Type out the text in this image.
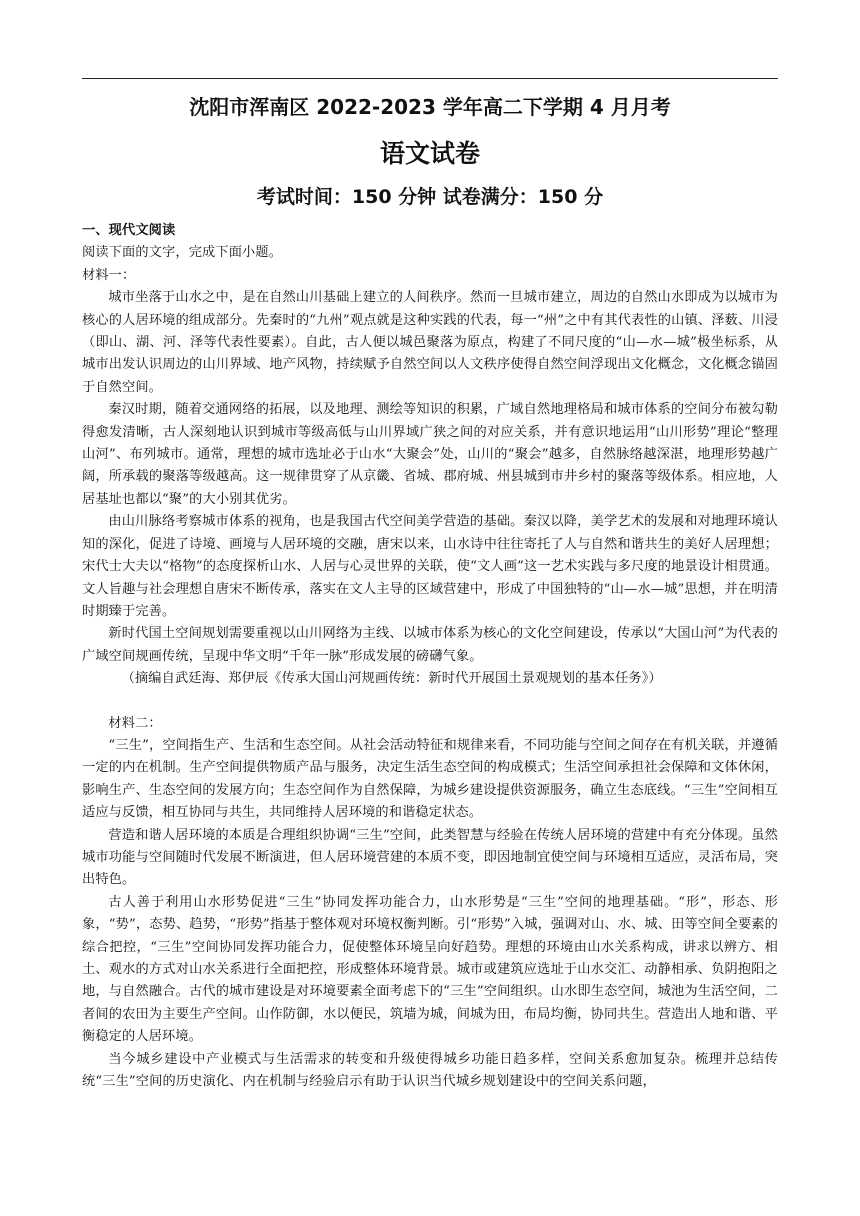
沈阳市浑南区 2022-2023 学年高二下学期 4 月月考
语文试卷
考试时间：150 分钟 试卷满分：150 分

一、现代文阅读

阅读下面的文字，完成下面小题。

材料一：

城市坐落于山水之中，是在自然山川基础上建立的人间秩序。然而一旦城市建立，周边的自然山水即成为以城市为核心的人居环境的组成部分。先秦时的“九州”观点就是这种实践的代表，每一“州”之中有其代表性的山镇、泽薮、川浸（即山、湖、河、泽等代表性要素）。自此，古人便以城邑聚落为原点，构建了不同尺度的“山—水—城”极坐标系，从城市出发认识周边的山川界域、地产风物，持续赋予自然空间以人文秩序使得自然空间浮现出文化概念，文化概念锚固于自然空间。

秦汉时期，随着交通网络的拓展，以及地理、测绘等知识的积累，广域自然地理格局和城市体系的空间分布被勾勒得愈发清晰，古人深刻地认识到城市等级高低与山川界域广狭之间的对应关系，并有意识地运用“山川形势”理论“整理山河”、布列城市。通常，理想的城市选址必于山水“大聚会”处，山川的“聚会”越多，自然脉络越深湛，地理形势越广阔，所承载的聚落等级越高。这一规律贯穿了从京畿、省城、郡府城、州县城到市井乡村的聚落等级体系。相应地，人居基址也都以“聚”的大小别其优劣。

由山川脉络考察城市体系的视角，也是我国古代空间美学营造的基础。秦汉以降，美学艺术的发展和对地理环境认知的深化，促进了诗境、画境与人居环境的交融，唐宋以来，山水诗中往往寄托了人与自然和谐共生的美好人居理想；宋代士大夫以“格物”的态度探析山水、人居与心灵世界的关联，使“文人画”这一艺术实践与多尺度的地景设计相贯通。文人旨趣与社会理想自唐宋不断传承，落实在文人主导的区域营建中，形成了中国独特的“山—水—城”思想，并在明清时期臻于完善。

新时代国土空间规划需要重视以山川网络为主线、以城市体系为核心的文化空间建设，传承以“大国山河”为代表的广域空间规画传统，呈现中华文明“千年一脉”形成发展的磅礴气象。

（摘编自武廷海、郑伊辰《传承大国山河规画传统：新时代开展国土景观规划的基本任务》）

材料二：

“三生”，空间指生产、生活和生态空间。从社会活动特征和规律来看，不同功能与空间之间存在有机关联，并遵循一定的内在机制。生产空间提供物质产品与服务，决定生活生态空间的构成模式；生活空间承担社会保障和文体休闲，影响生产、生态空间的发展方向；生态空间作为自然保障，为城乡建设提供资源服务，确立生态底线。“三生”空间相互适应与反馈，相互协同与共生，共同维持人居环境的和谐稳定状态。

营造和谐人居环境的本质是合理组织协调“三生”空间，此类智慧与经验在传统人居环境的营建中有充分体现。虽然城市功能与空间随时代发展不断演进，但人居环境营建的本质不变，即因地制宜使空间与环境相互适应，灵活布局，突出特色。

古人善于利用山水形势促进“三生”协同发挥功能合力，山水形势是“三生”空间的地理基础。“形”，形态、形象，“势”，态势、趋势，“形势”指基于整体观对环境权衡判断。引“形势”入城，强调对山、水、城、田等空间全要素的综合把控，“三生”空间协同发挥功能合力，促使整体环境呈向好趋势。理想的环境由山水关系构成，讲求以辨方、相土、观水的方式对山水关系进行全面把控，形成整体环境背景。城市或建筑应选址于山水交汇、动静相承、负阴抱阳之地，与自然融合。古代的城市建设是对环境要素全面考虑下的“三生”空间组织。山水即生态空间，城池为生活空间，二者间的农田为主要生产空间。山作防御，水以便民，筑墙为城，间城为田，布局均衡，协同共生。营造出人地和谐、平衡稳定的人居环境。

当今城乡建设中产业模式与生活需求的转变和升级使得城乡功能日趋多样，空间关系愈加复杂。梳理并总结传统“三生”空间的历史演化、内在机制与经验启示有助于认识当代城乡规划建设中的空间关系问题，
